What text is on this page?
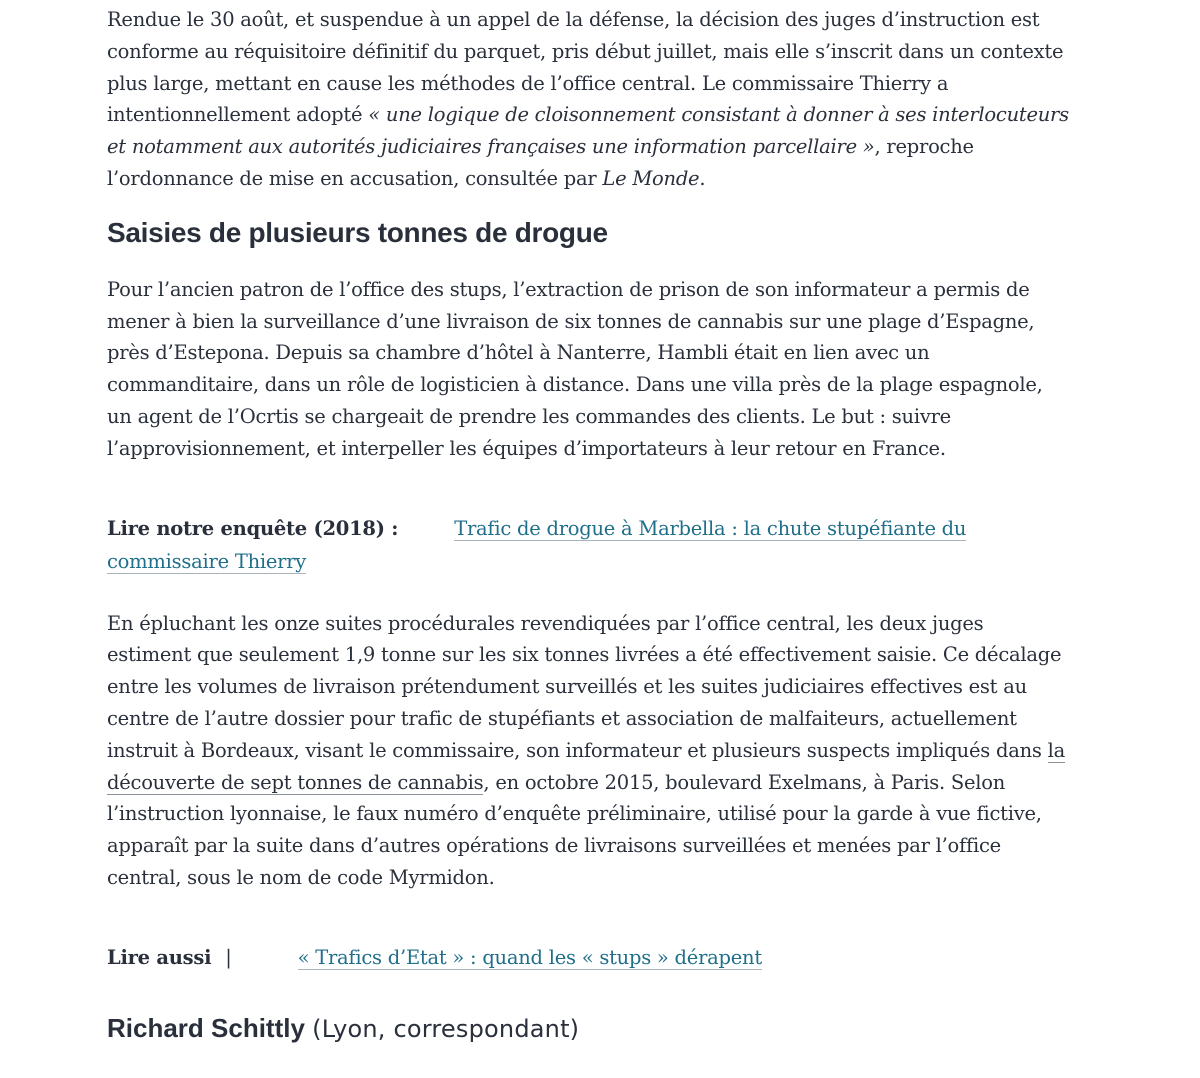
Rendue le 30 août, et suspendue à un appel de la défense, la décision des juges d’instruction est conforme au réquisitoire définitif du parquet, pris début juillet, mais elle s’inscrit dans un contexte plus large, mettant en cause les méthodes de l’office central. Le commissaire Thierry a intentionnellement adopté « une logique de cloisonnement consistant à donner à ses interlocuteurs et notamment aux autorités judiciaires françaises une information parcellaire », reproche l’ordonnance de mise en accusation, consultée par Le Monde.

Saisies de plusieurs tonnes de drogue

Pour l’ancien patron de l’office des stups, l’extraction de prison de son informateur a permis de mener à bien la surveillance d’une livraison de six tonnes de cannabis sur une plage d’Espagne, près d’Estepona. Depuis sa chambre d’hôtel à Nanterre, Hambli était en lien avec un commanditaire, dans un rôle de logisticien à distance. Dans une villa près de la plage espagnole, un agent de l’Ocrtis se chargeait de prendre les commandes des clients. Le but : suivre l’approvisionnement, et interpeller les équipes d’importateurs à leur retour en France.

Lire notre enquête (2018) :	Trafic de drogue à Marbella : la chute stupéfiante du commissaire Thierry

En épluchant les onze suites procédurales revendiquées par l’office central, les deux juges estiment que seulement 1,9 tonne sur les six tonnes livrées a été effectivement saisie. Ce décalage entre les volumes de livraison prétendument surveillés et les suites judiciaires effectives est au centre de l’autre dossier pour trafic de stupéfiants et association de malfaiteurs, actuellement instruit à Bordeaux, visant le commissaire, son informateur et plusieurs suspects impliqués dans la découverte de sept tonnes de cannabis, en octobre 2015, boulevard Exelmans, à Paris. Selon l’instruction lyonnaise, le faux numéro d’enquête préliminaire, utilisé pour la garde à vue fictive, apparaît par la suite dans d’autres opérations de livraisons surveillées et menées par l’office central, sous le nom de code Myrmidon.

Lire aussi |	« Trafics d’Etat » : quand les « stups » dérapent
Richard Schittly (Lyon, correspondant)
